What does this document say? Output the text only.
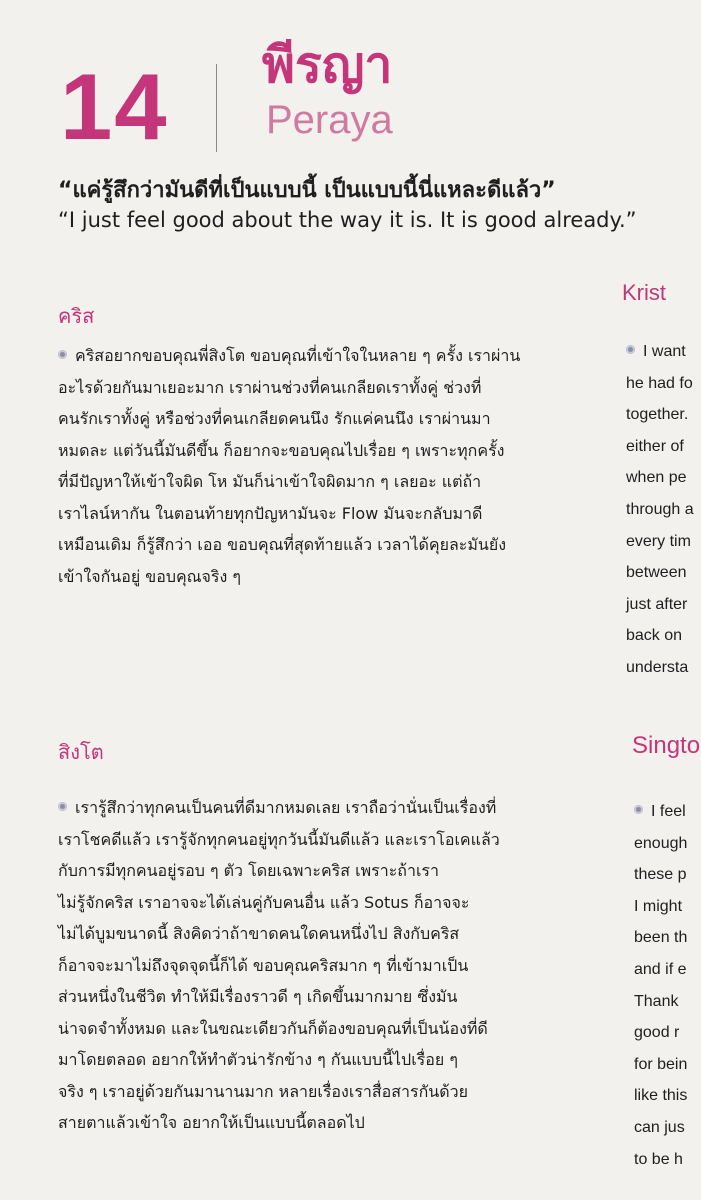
14 พีรญา
Peraya
“แค่รู้สึกว่ามันดีที่เป็นแบบนี้ เป็นแบบนี้นี่แหละดีแล้ว”
“I just feel good about the way it is. It is good already.”
คริส
คริสอยากขอบคุณพี่สิงโต ขอบคุณที่เข้าใจในหลาย ๆ ครั้ง เราผ่าน
อะไรด้วยกันมาเยอะมาก เราผ่านช่วงที่คนเกลียดเราทั้งคู่ ช่วงที่
คนรักเราทั้งคู่ หรือช่วงที่คนเกลียดคนนึง รักแค่คนนึง เราผ่านมา
หมดละ แต่วันนี้มันดีขึ้น ก็อยากจะขอบคุณไปเรื่อย ๆ เพราะทุกครั้ง
ที่มีปัญหาให้เข้าใจผิด โห มันก็น่าเข้าใจผิดมาก ๆ เลยอะ แต่ถ้า
เราไลน์หากัน ในตอนท้ายทุกปัญหามันจะ Flow มันจะกลับมาดี
เหมือนเดิม ก็รู้สึกว่า เออ ขอบคุณที่สุดท้ายแล้ว เวลาได้คุยละมันยัง
เข้าใจกันอยู่ ขอบคุณจริง ๆ
สิงโต
เรารู้สึกว่าทุกคนเป็นคนที่ดีมากหมดเลย เราถือว่านั่นเป็นเรื่องที่
เราโชคดีแล้ว เรารู้จักทุกคนอยู่ทุกวันนี้มันดีแล้ว และเราโอเคแล้ว
กับการมีทุกคนอยู่รอบ ๆ ตัว โดยเฉพาะคริส เพราะถ้าเรา
ไม่รู้จักคริส เราอาจจะได้เล่นคู่กับคนอื่น แล้ว Sotus ก็อาจจะ
ไม่ได้บูมขนาดนี้ สิงคิดว่าถ้าขาดคนใดคนหนึ่งไป สิงกับคริส
ก็อาจจะมาไม่ถึงจุดจุดนี้ก็ได้ ขอบคุณคริสมาก ๆ ที่เข้ามาเป็น
ส่วนหนึ่งในชีวิต ทำให้มีเรื่องราวดี ๆ เกิดขึ้นมากมาย ซึ่งมัน
น่าจดจำทั้งหมด และในขณะเดียวกันก็ต้องขอบคุณที่เป็นน้องที่ดี
มาโดยตลอด อยากให้ทำตัวน่ารักข้าง ๆ กันแบบนี้ไปเรื่อย ๆ
จริง ๆ เราอยู่ด้วยกันมานานมาก หลายเรื่องเราสื่อสารกันด้วย
สายตาแล้วเข้าใจ อยากให้เป็นแบบนี้ตลอดไป
Krist
I want
he had fo
together.
either of
when pe
through a
every tim
between
just after
back on
understa
Singto
I feel
enough
these p
I might
been th
and if e
Thank
good r
for bein
like this
can jus
to be h
